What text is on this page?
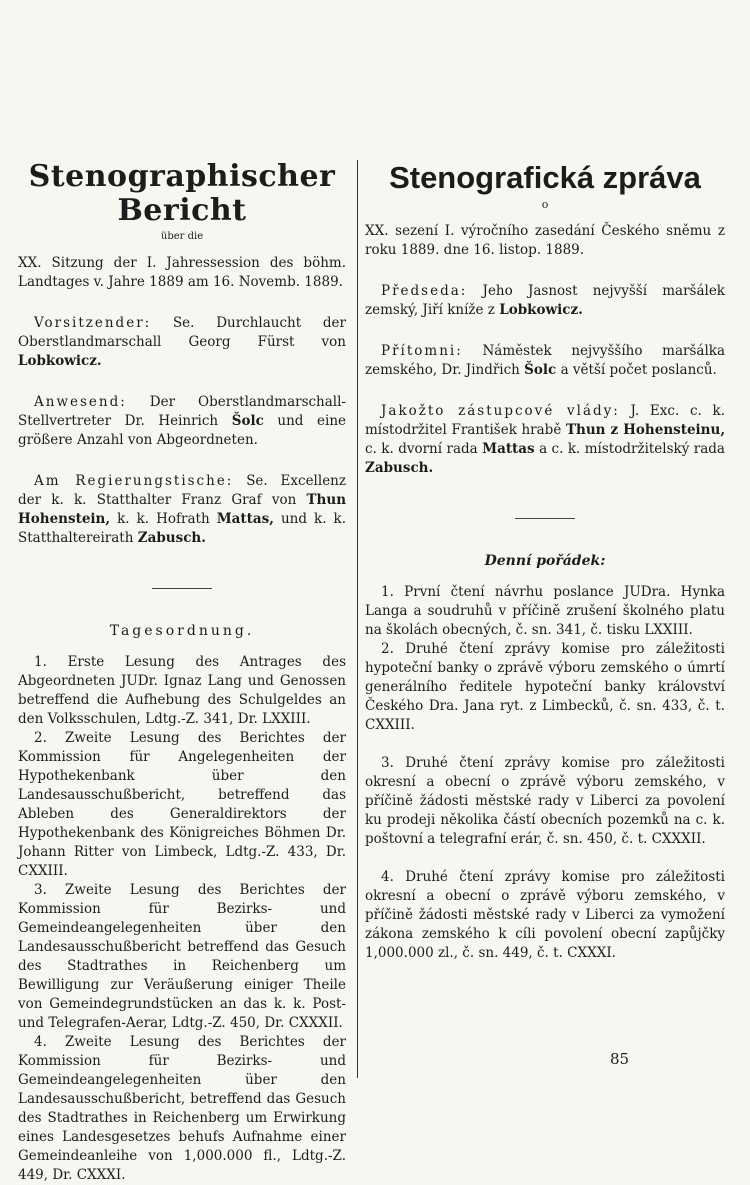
Stenographischer Bericht
über die

XX. Sitzung der I. Jahressession des böhm. Landtages v. Jahre 1889 am 16. Novemb. 1889.

Vorsitzender: Se. Durchlaucht der Oberstlandmarschall Georg Fürst von Lobkowicz.

Anwesend: Der Oberstlandmarschall-Stellvertreter Dr. Heinrich Šolc und eine größere Anzahl von Abgeordneten.

Am Regierungstische: Se. Excellenz der k. k. Statthalter Franz Graf von Thun Hohenstein, k. k. Hofrath Mattas, und k. k. Statthaltereirath Zabusch.

Tagesordnung.

1. Erste Lesung des Antrages des Abgeordneten JUDr. Ignaz Lang und Genossen betreffend die Aufhebung des Schulgeldes an den Volksschulen, Ldtg.-Z. 341, Dr. LXXIII.

2. Zweite Lesung des Berichtes der Kommission für Angelegenheiten der Hypothekenbank über den Landesausschußbericht, betreffend das Ableben des Generaldirektors der Hypothekenbank des Königreiches Böhmen Dr. Johann Ritter von Limbeck, Ldtg.-Z. 433, Dr. CXXIII.

3. Zweite Lesung des Berichtes der Kommission für Bezirks- und Gemeindeangelegenheiten über den Landesausschußbericht betreffend das Gesuch des Stadtrathes in Reichenberg um Bewilligung zur Veräußerung einiger Theile von Gemeindegrundstücken an das k. k. Post- und Telegrafen-Aerar, Ldtg.-Z. 450, Dr. CXXXII.

4. Zweite Lesung des Berichtes der Kommission für Bezirks- und Gemeindeangelegenheiten über den Landesausschußbericht, betreffend das Gesuch des Stadtrathes in Reichenberg um Erwirkung eines Landesgesetzes behufs Aufnahme einer Gemeindeanleihe von 1,000.000 fl., Ldtg.-Z. 449, Dr. CXXXI.

Stenografická zpráva
o

XX. sezení I. výročního zasedání Českého sněmu z roku 1889. dne 16. listop. 1889.

Předseda: Jeho Jasnost nejvyšší maršálek zemský, Jiří kníže z Lobkowicz.

Přítomni: Náměstek nejvyššího maršálka zemského, Dr. Jindřich Šolc a větší počet poslanců.

Jakožto zástupcové vlády: J. Exc. c. k. místodržitel František hrabě Thun z Hohensteinu, c. k. dvorní rada Mattas a c. k. místodržitelský rada Zabusch.

Denní pořádek:

1. První čtení návrhu poslance JUDra. Hynka Langa a soudruhů v příčině zrušení školného platu na školách obecných, č. sn. 341, č. tisku LXXIII.

2. Druhé čtení zprávy komise pro záležitosti hypoteční banky o zprávě výboru zemského o úmrtí generálního ředitele hypoteční banky království Českého Dra. Jana ryt. z Limbecků, č. sn. 433, č. t. CXXIII.

3. Druhé čtení zprávy komise pro záležitosti okresní a obecní o zprávě výboru zemského, v příčině žádosti městské rady v Liberci za povolení ku prodeji několika částí obecních pozemků na c. k. poštovní a telegrafní erár, č. sn. 450, č. t. CXXXII.

4. Druhé čtení zprávy komise pro záležitosti okresní a obecní o zprávě výboru zemského, v příčině žádosti městské rady v Liberci za vymožení zákona zemského k cíli povolení obecní zapůjčky 1,000.000 zl., č. sn. 449, č. t. CXXXI.

85
